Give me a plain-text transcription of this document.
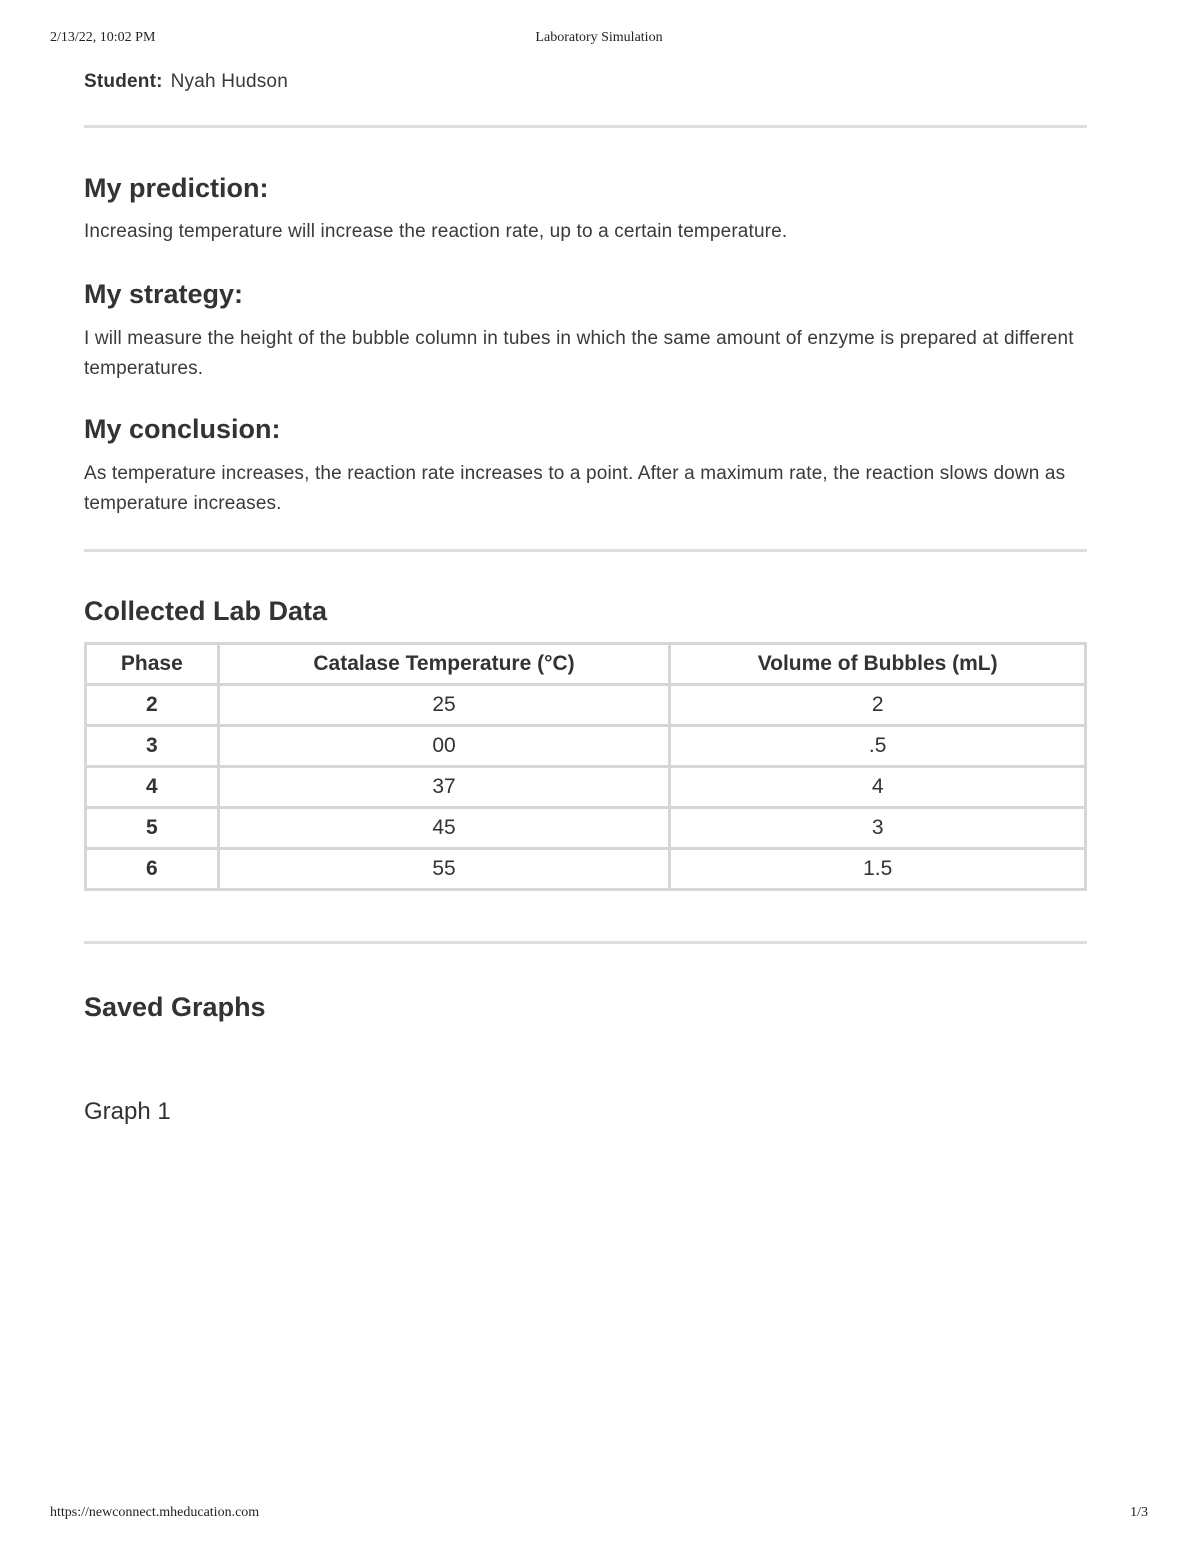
2/13/22, 10:02 PM	Laboratory Simulation
Student: Nyah Hudson
My prediction:

Increasing temperature will increase the reaction rate, up to a certain temperature.

My strategy:

I will measure the height of the bubble column in tubes in which the same amount of enzyme is prepared at different temperatures.

My conclusion:

As temperature increases, the reaction rate increases to a point. After a maximum rate, the reaction slows down as temperature increases.

Collected Lab Data
Phase	Catalase Temperature (°C)	Volume of Bubbles (mL)
2	25	2
3	00	.5
4	37	4
5	45	3
6	55	1.5
Saved Graphs
Graph 1
https://newconnect.mheducation.com	1/3
